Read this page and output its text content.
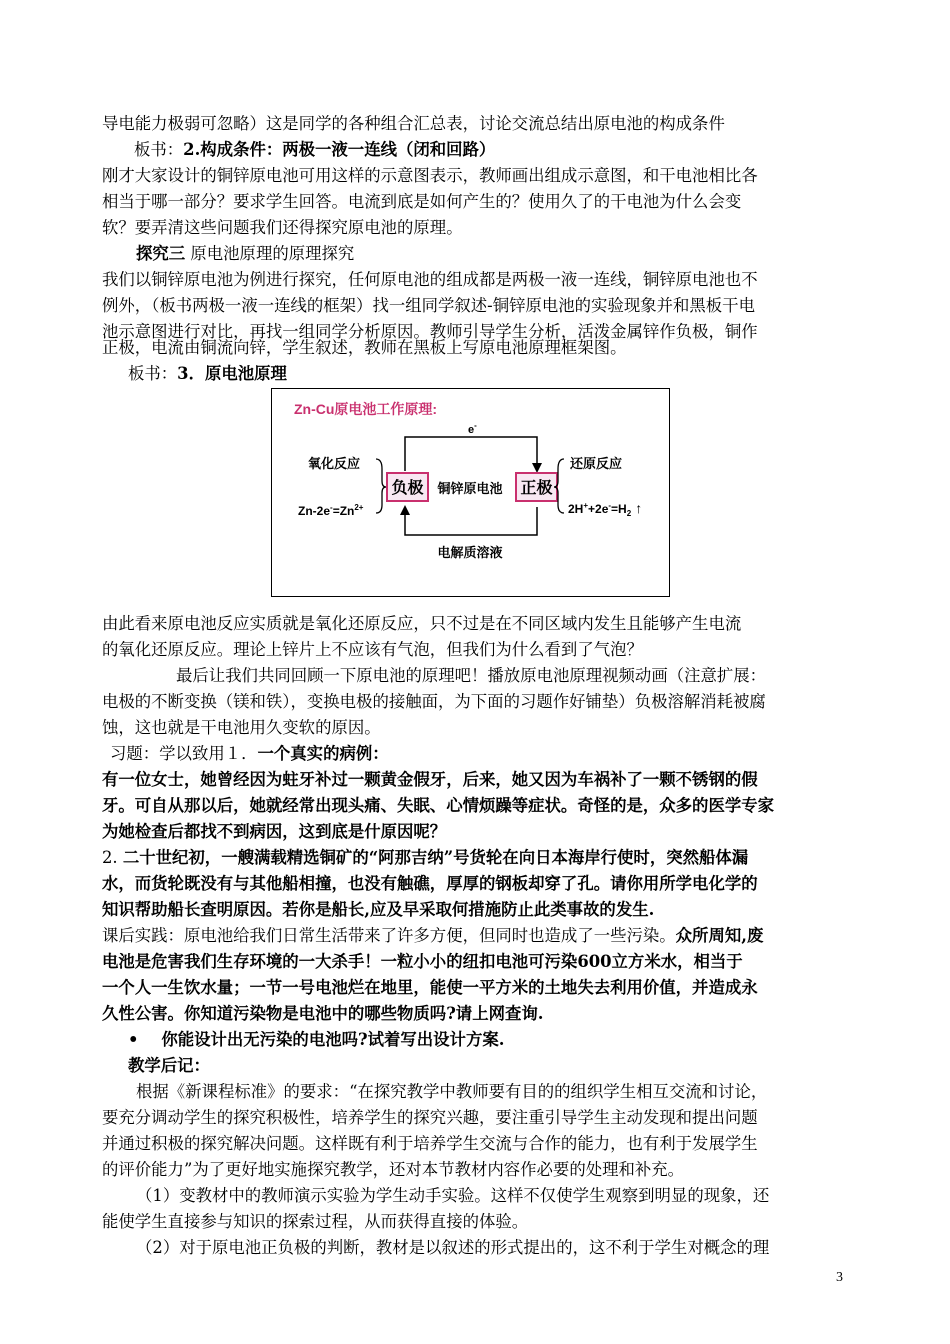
导电能力极弱可忽略）这是同学的各种组合汇总表，讨论交流总结出原电池的构成条件
板书：2.构成条件：两极一液一连线（闭和回路）
刚才大家设计的铜锌原电池可用这样的示意图表示，教师画出组成示意图，和干电池相比各
相当于哪一部分？要求学生回答。电流到底是如何产生的？使用久了的干电池为什么会变
软？要弄清这些问题我们还得探究原电池的原理。
探究三 原电池原理的原理探究
我们以铜锌原电池为例进行探究，任何原电池的组成都是两极一液一连线，铜锌原电池也不
例外，（板书两极一液一连线的框架）找一组同学叙述-铜锌原电池的实验现象并和黑板干电
池示意图进行对比，再找一组同学分析原因。教师引导学生分析，活泼金属锌作负极，铜作
正极，电流由铜流向锌，学生叙述，教师在黑板上写原电池原理框架图。
板书：3．原电池原理
Zn-Cu原电池工作原理:
e-
氧化反应
$Zn-2e^-=Zn^{2+}$
负极 铜锌原电池 正极
还原反应
$2H^++2e^-=H_2$ ↑
电解质溶液
由此看来原电池反应实质就是氧化还原反应，只不过是在不同区域内发生且能够产生电流
的氧化还原反应。理论上锌片上不应该有气泡，但我们为什么看到了气泡？
最后让我们共同回顾一下原电池的原理吧！播放原电池原理视频动画（注意扩展：
电极的不断变换（镁和铁），变换电极的接触面，为下面的习题作好铺垫）负极溶解消耗被腐
蚀，这也就是干电池用久变软的原因。
习题：学以致用１．一个真实的病例：
有一位女士，她曾经因为蛀牙补过一颗黄金假牙，后来，她又因为车祸补了一颗不锈钢的假
牙。可自从那以后，她就经常出现头痛、失眠、心情烦躁等症状。奇怪的是，众多的医学专家
为她检查后都找不到病因，这到底是什原因呢？
2. 二十世纪初，一艘满载精选铜矿的“阿那吉纳”号货轮在向日本海岸行使时，突然船体漏
水，而货轮既没有与其他船相撞，也没有触礁，厚厚的钢板却穿了孔。请你用所学电化学的
知识帮助船长查明原因。若你是船长,应及早采取何措施防止此类事故的发生.
课后实践：原电池给我们日常生活带来了许多方便，但同时也造成了一些污染。众所周知,废
电池是危害我们生存环境的一大杀手！一粒小小的纽扣电池可污染600立方米水，相当于
一个人一生饮水量；一节一号电池烂在地里，能使一平方米的土地失去利用价值，并造成永
久性公害。你知道污染物是电池中的哪些物质吗?请上网查询.
• 你能设计出无污染的电池吗?试着写出设计方案.
教学后记：
根据《新课程标准》的要求：“在探究教学中教师要有目的的组织学生相互交流和讨论，
要充分调动学生的探究积极性，培养学生的探究兴趣，要注重引导学生主动发现和提出问题
并通过积极的探究解决问题。这样既有利于培养学生交流与合作的能力，也有利于发展学生
的评价能力”为了更好地实施探究教学，还对本节教材内容作必要的处理和补充。
（1）变教材中的教师演示实验为学生动手实验。这样不仅使学生观察到明显的现象，还
能使学生直接参与知识的探索过程，从而获得直接的体验。
（2）对于原电池正负极的判断，教材是以叙述的形式提出的，这不利于学生对概念的理
3
